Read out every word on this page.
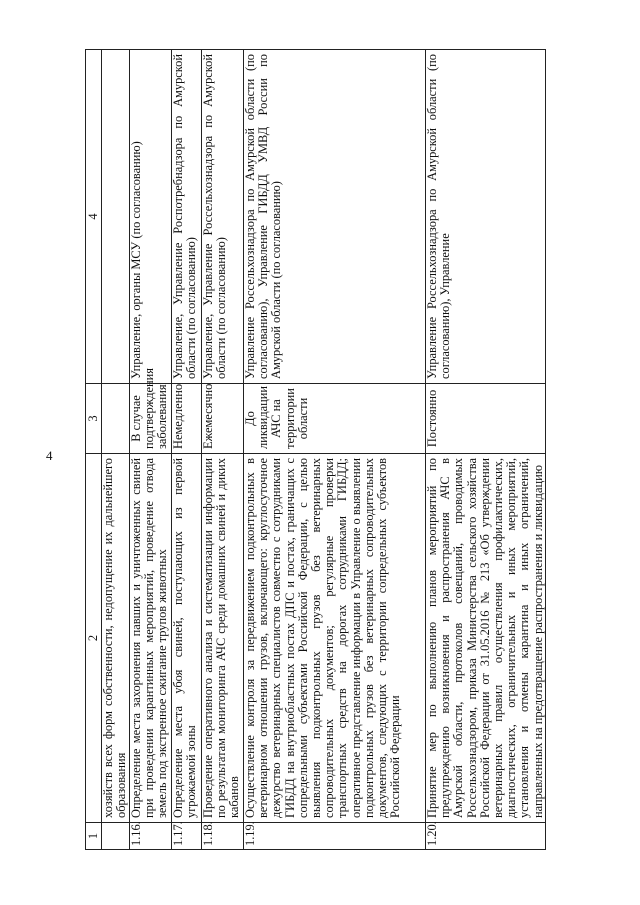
4
1	2	3	4
	хозяйств всех форм собственности, недопущение их дальнейшего образования		
1.16.	Определение места захоронения павших и уничтоженных свиней при проведении карантинных мероприятий, проведение отвода земель под экстренное сжигание трупов животных	В случае подтверждения заболевания	Управление, органы МСУ (по согласованию)
1.17.	Определение места убоя свиней, поступающих из первой угрожаемой зоны	Немедленно	Управление, Управление Роспотребнадзора по Амурской области (по согласованию)
1.18.	Проведение оперативного анализа и систематизации информации по результатам мониторинга АЧС среди домашних свиней и диких кабанов	Ежемесячно	Управление, Управление Россельхознадзора по Амурской области (по согласованию)
1.19.	Осуществление контроля за передвижением подконтрольных в ветеринарном отношении грузов, включающего: круглосуточное дежурство ветеринарных специалистов совместно с сотрудниками ГИБДД на внутриобластных постах ДПС и постах, граничащих с сопредельными субъектами Российской Федерации, с целью выявления подконтрольных грузов без ветеринарных сопроводительных документов; регулярные проверки транспортных средств на дорогах сотрудниками ГИБДД; оперативное представление информации в Управление о выявлении подконтрольных грузов без ветеринарных сопроводительных документов, следующих с территории сопредельных субъектов Российской Федерации	До ликвидации АЧС на территории области	Управление Россельхознадзора по Амурской области (по согласованию), Управление ГИБДД УМВД России по Амурской области (по согласованию)
1.20.	Принятие мер по выполнению планов мероприятий по предупреждению возникновения и распространения АЧС в Амурской области, протоколов совещаний, проводимых Россельхознадзором, приказа Министерства сельского хозяйства Российской Федерации от 31.05.2016 № 213 «Об утверждении ветеринарных правил осуществления профилактических, диагностических, ограничительных и иных мероприятий, установления и отмены карантина и иных ограничений, направленных на предотвращение распространения и ликвидацию	Постоянно	Управление Россельхознадзора по Амурской области (по согласованию), Управление
